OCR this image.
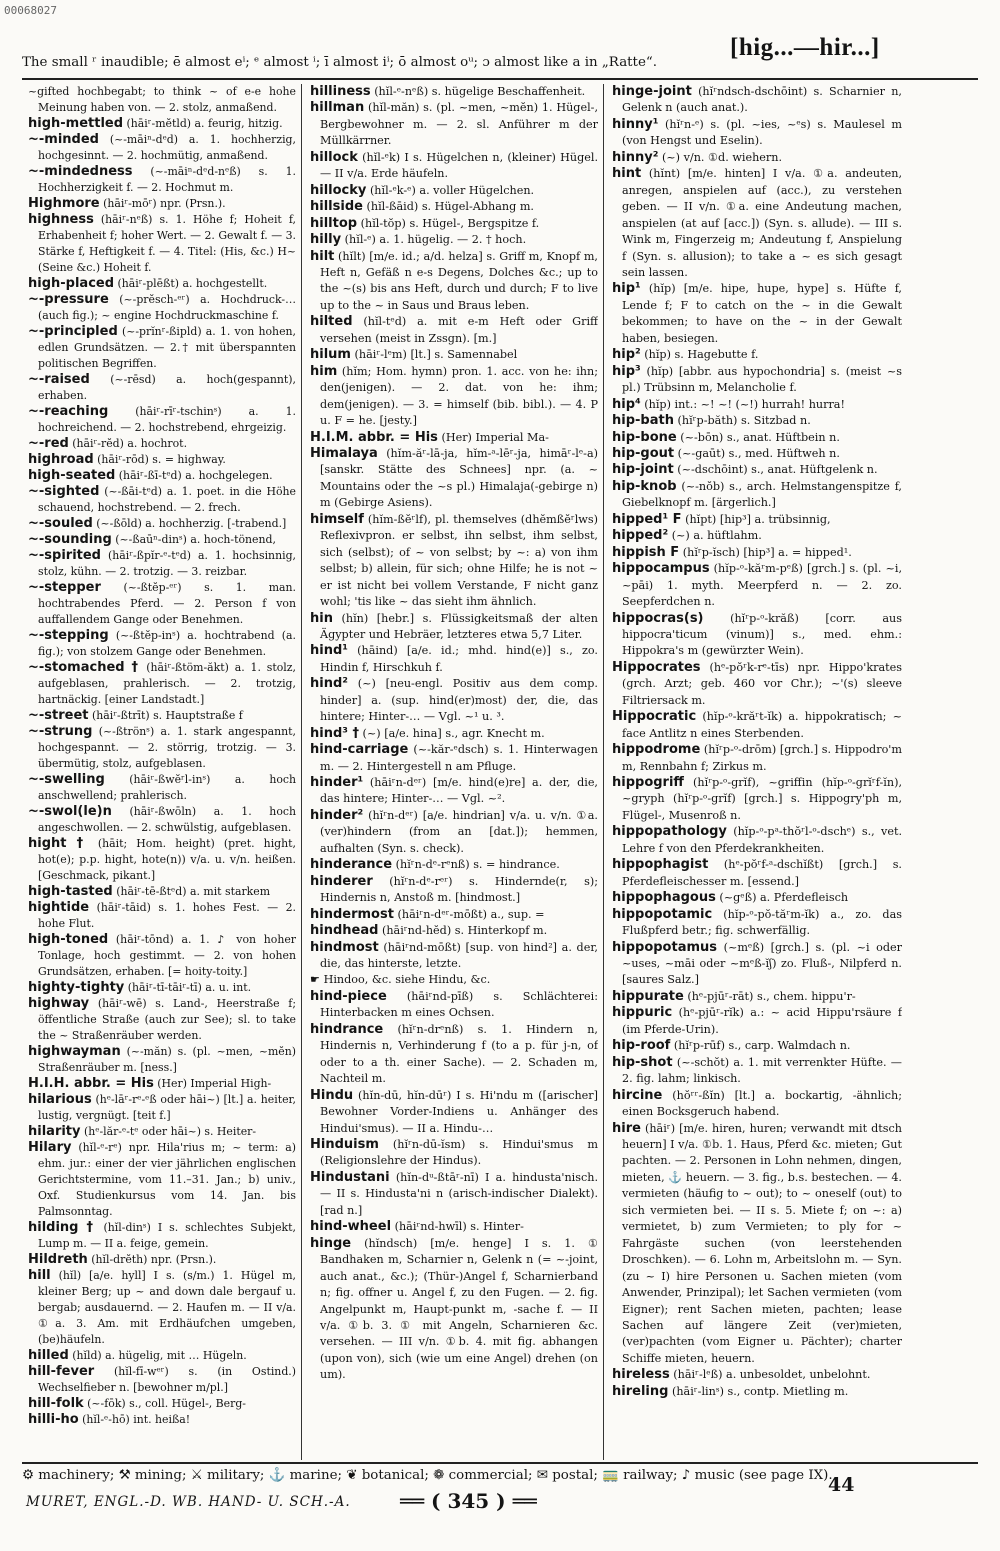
00068027
The small ʳ inaudible; ē almost eⁱ; ᵉ almost ⁱ; ī almost iⁱ; ō almost oᵘ; ɔ almost like a in „Ratte“.
[hig...—hir...]

~gifted hochbegabt; to think ~ of e-e hohe Meinung haben von. — 2. stolz, anmaßend.

high-mettled (hāiʳ-mĕtld) a. feurig, hitzig.

~-minded (~-māiⁿ-dᵉd) a. 1. hochherzig, hochgesinnt. — 2. hochmütig, anmaßend.

~-mindedness (~-māiⁿ-dᵉd-nᵉß) s. 1. Hochherzigkeit f. — 2. Hochmut m.

Highmore (hāiʳ-mōʳ) npr. (Prsn.).

highness (hāiʳ-nᵉß) s. 1. Höhe f; Hoheit f, Erhabenheit f; hoher Wert. — 2. Gewalt f. — 3. Stärke f, Heftigkeit f. — 4. Titel: (His, &c.) H~ (Seine &c.) Hoheit f.

high-placed (hāiʳ-plēßt) a. hochgestellt.

~-pressure (~-prĕsch-ᵉʳ) a. Hochdruck-… (auch fig.); ~ engine Hochdruckmaschine f.

~-principled (~-prĭnʳ-ßipld) a. 1. von hohen, edlen Grundsätzen. — 2.† mit überspannten politischen Begriffen.

~-raised (~-rēsd) a. hoch(gespannt), erhaben.

~-reaching (hāiʳ-rīʳ-tschinˢ) a. 1. hochreichend. — 2. hochstrebend, ehrgeizig.

~-red (hāiʳ-rĕd) a. hochrot.

highroad (hāiʳ-rōd) s. = highway.

high-seated (hāiʳ-ßī-tᵉd) a. hochgelegen.

~-sighted (~-ßāi-tᵉd) a. 1. poet. in die Höhe schauend, hochstrebend. — 2. frech.

~-souled (~-ßōld) a. hochherzig. [-trabend.]

~-sounding (~-ßaūⁿ-dinˢ) a. hoch-tönend,

~-spirited (hāiʳ-ßpĭr-ᵉ-tᵉd) a. 1. hochsinnig, stolz, kühn. — 2. trotzig. — 3. reizbar.

~-stepper (~-ßtĕp-ᵉʳ) s. 1. man. hochtrabendes Pferd. — 2. Person f von auffallendem Gange oder Benehmen.

~-stepping (~-ßtĕp-inˢ) a. hochtrabend (a. fig.); von stolzem Gange oder Benehmen.

~-stomached † (hāiʳ-ßtöm-ăkt) a. 1. stolz, aufgeblasen, prahlerisch. — 2. trotzig, hartnäckig. [einer Landstadt.]

~-street (hāiʳ-ßtrīt) s. Hauptstraße f

~-strung (~-ßtrönˢ) a. 1. stark angespannt, hochgespannt. — 2. störrig, trotzig. — 3. übermütig, stolz, aufgeblasen.

~-swelling (hāiʳ-ßwĕʳl-inˢ) a. hoch anschwellend; prahlerisch.

~-swol(le)n (hāiʳ-ßwōln) a. 1. hoch angeschwollen. — 2. schwülstig, aufgeblasen.

hight † (hāit; Hom. height) (pret. hight, hot(e); p.p. hight, hote(n)) v/a. u. v/n. heißen. [Geschmack, pikant.]

high-tasted (hāiʳ-tē-ßtᵉd) a. mit starkem

hightide (hāiʳ-tāid) s. 1. hohes Fest. — 2. hohe Flut.

high-toned (hāiʳ-tōnd) a. 1. ♪ von hoher Tonlage, hoch gestimmt. — 2. von hohen Grundsätzen, erhaben. [= hoity-toity.]

highty-tighty (hāiʳ-tī-tāiʳ-tī) a. u. int.

highway (hāiʳ-wē) s. Land-, Heerstraße f; öffentliche Straße (auch zur See); sl. to take the ~ Straßenräuber werden.

highwayman (~-măn) s. (pl. ~men, ~mĕn) Straßenräuber m. [ness.]

H.I.H. abbr. = His (Her) Imperial High-

hilarious (hᵉ-lāʳ-rᵉ-ᵉß oder hāi~) [lt.] a. heiter, lustig, vergnügt. [teit f.]

hilarity (hᵉ-lăr-ᵉ-tᵉ oder hāi~) s. Heiter-

Hilary (hĭl-ᵉ-rᵉ) npr. Hila'rius m; ~ term: a) ehm. jur.: einer der vier jährlichen englischen Gerichtstermine, vom 11.–31. Jan.; b) univ., Oxf. Studienkursus vom 14. Jan. bis Palmsonntag.

hilding † (hĭl-dinˢ) I s. schlechtes Subjekt, Lump m. — II a. feige, gemein.

Hildreth (hĭl-drĕth) npr. (Prsn.).

hill (hĭl) [a/e. hyll] I s. (s/m.) 1. Hügel m, kleiner Berg; up ~ and down dale bergauf u. bergab; ausdauernd. — 2. Haufen m. — II v/a. ①a. 3. Am. mit Erdhäufchen umgeben, (be)häufeln.

hilled (hĭld) a. hügelig, mit … Hügeln.

hill-fever (hĭl-fī-wᵉʳ) s. (in Ostind.) Wechselfieber n. [bewohner m/pl.]

hill-folk (~-fōk) s., coll. Hügel-, Berg-

hilli-ho (hĭl-ᵉ-hō) int. heißa!

hilliness (hĭl-ᵉ-nᵉß) s. hügelige Beschaffenheit.

hillman (hĭl-măn) s. (pl. ~men, ~mĕn) 1. Hügel-, Bergbewohner m. — 2. sl. Anführer m der Müllkärrner.

hillock (hĭl-ᵉk) I s. Hügelchen n, (kleiner) Hügel. — II v/a. Erde häufeln.

hillocky (hĭl-ᵉk-ᵉ) a. voller Hügelchen.

hillside (hĭl-ßāid) s. Hügel-Abhang m.

hilltop (hĭl-tŏp) s. Hügel-, Bergspitze f.

hilly (hĭl-ᵉ) a. 1. hügelig. — 2. † hoch.

hilt (hĭlt) [m/e. id.; a/d. helza] s. Griff m, Knopf m, Heft n, Gefäß n e-s Degens, Dolches &c.; up to the ~(s) bis ans Heft, durch und durch; F to live up to the ~ in Saus und Braus leben.

hilted (hĭl-tᵉd) a. mit e-m Heft oder Griff versehen (meist in Zssgn). [m.]

hilum (hāiʳ-lᵉm) [lt.] s. Samennabel

him (hĭm; Hom. hymn) pron. 1. acc. von he: ihn; den(jenigen). — 2. dat. von he: ihm; dem(jenigen). — 3. = himself (bib. bibl.). — 4. P u. F = he. [jesty.]

H.I.M. abbr. = His (Her) Imperial Ma-

Himalaya (hĭm-ăʳ-lā-ja, hĭm-ᵃ-lēʳ-ja, himāʳ-lᵉ-a) [sanskr. Stätte des Schnees] npr. (a. ~ Mountains oder the ~s pl.) Himalaja(-gebirge n) m (Gebirge Asiens).

himself (hĭm-ßĕʳlf), pl. themselves (dhĕmßĕʳlws) Reflexivpron. er selbst, ihn selbst, ihm selbst, sich (selbst); of ~ von selbst; by ~: a) von ihm selbst; b) allein, für sich; ohne Hilfe; he is not ~ er ist nicht bei vollem Verstande, F nicht ganz wohl; 'tis like ~ das sieht ihm ähnlich.

hin (hĭn) [hebr.] s. Flüssigkeitsmaß der alten Ägypter und Hebräer, letzteres etwa 5,7 Liter.

hind¹ (hāind) [a/e. id.; mhd. hind(e)] s., zo. Hindin f, Hirschkuh f.

hind² (~) [neu-engl. Positiv aus dem comp. hinder] a. (sup. hind(er)most) der, die, das hintere; Hinter-… — Vgl. ~¹ u. ³.

hind³ † (~) [a/e. hina] s., agr. Knecht m.

hind-carriage (~-kăr-ᵉdsch) s. 1. Hinterwagen m. — 2. Hintergestell n am Pfluge.

hinder¹ (hāiʳn-dᵉʳ) [m/e. hind(e)re] a. der, die, das hintere; Hinter-… — Vgl. ~².

hinder² (hĭʳn-dᵉʳ) [a/e. hindrian] v/a. u. v/n. ①a. (ver)hindern (from an [dat.]); hemmen, aufhalten (Syn. s. check).

hinderance (hĭʳn-dᵉ-rᵉnß) s. = hindrance.

hinderer (hĭʳn-dᵉ-rᵉʳ) s. Hindernde(r, s); Hindernis n, Anstoß m. [hindmost.]

hindermost (hāiʳn-dᵉʳ-mōßt) a., sup. =

hindhead (hāiʳnd-hĕd) s. Hinterkopf m.

hindmost (hāiʳnd-mōßt) [sup. von hind²] a. der, die, das hinterste, letzte.

☛ Hindoo, &c. siehe Hindu, &c.

hind-piece (hāiʳnd-pīß) s. Schlächterei: Hinterbacken m eines Ochsen.

hindrance (hĭʳn-drᵉnß) s. 1. Hindern n, Hindernis n, Verhinderung f (to a p. für j-n, of oder to a th. einer Sache). — 2. Schaden m, Nachteil m.

Hindu (hĭn-dū, hĭn-dūʳ) I s. Hi'ndu m ([arischer] Bewohner Vorder-Indiens u. Anhänger des Hindui'smus). — II a. Hindu-…

Hinduism (hĭʳn-dū-ĭsm) s. Hindui'smus m (Religionslehre der Hindus).

Hindustani (hĭn-dᵘ-ßtāʳ-nī) I a. hindusta'nisch. — II s. Hindusta'ni n (arisch-indischer Dialekt). [rad n.]

hind-wheel (hāiʳnd-hwīl) s. Hinter-

hinge (hĭndsch) [m/e. henge] I s. 1. ① Bandhaken m, Scharnier n, Gelenk n (= ~-joint, auch anat., &c.); (Thür-)Angel f, Scharnierband n; fig. offner u. Angel f, zu den Fugen. — 2. fig. Angelpunkt m, Haupt-punkt m, -sache f. — II v/a. ①b. 3. ① mit Angeln, Scharnieren &c. versehen. — III v/n. ①b. 4. mit fig. abhangen (upon von), sich (wie um eine Angel) drehen (on um).

hinge-joint (hĭʳndsch-dschōint) s. Scharnier n, Gelenk n (auch anat.).

hinny¹ (hĭʳn-ᵉ) s. (pl. ~ies, ~ᵉs) s. Maulesel m (von Hengst und Eselin).

hinny² (~) v/n. ①d. wiehern.

hint (hĭnt) [m/e. hinten] I v/a. ①a. andeuten, anregen, anspielen auf (acc.), zu verstehen geben. — II v/n. ①a. eine Andeutung machen, anspielen (at auf [acc.]) (Syn. s. allude). — III s. Wink m, Fingerzeig m; Andeutung f, Anspielung f (Syn. s. allusion); to take a ~ es sich gesagt sein lassen.

hip¹ (hĭp) [m/e. hipe, hupe, hype] s. Hüfte f, Lende f; F to catch on the ~ in die Gewalt bekommen; to have on the ~ in der Gewalt haben, besiegen.

hip² (hĭp) s. Hagebutte f.

hip³ (hĭp) [abbr. aus hypochondria] s. (meist ~s pl.) Trübsinn m, Melancholie f.

hip⁴ (hĭp) int.: ~! ~! (~!) hurrah! hurra!

hip-bath (hĭʳp-băth) s. Sitzbad n.

hip-bone (~-bōn) s., anat. Hüftbein n.

hip-gout (~-gaūt) s., med. Hüftweh n.

hip-joint (~-dschōint) s., anat. Hüftgelenk n.

hip-knob (~-nŏb) s., arch. Helmstangenspitze f, Giebelknopf m. [ärgerlich.]

hipped¹ F (hĭpt) [hip³] a. trübsinnig,

hipped² (~) a. hüftlahm.

hippish F (hĭʳp-ĭsch) [hip³] a. = hipped¹.

hippocampus (hĭp-ᵒ-kăʳm-pᵉß) [grch.] s. (pl. ~i, ~pāi) 1. myth. Meerpferd n. — 2. zo. Seepferdchen n.

hippocras(s) (hĭʳp-ᵒ-krăß) [corr. aus hippocra'ticum (vinum)] s., med. ehm.: Hippokra's m (gewürzter Wein).

Hippocrates (hᵉ-pŏʳk-rᵉ-tīs) npr. Hippo'krates (grch. Arzt; geb. 460 vor Chr.); ~'(s) sleeve Filtriersack m.

Hippocratic (hĭp-ᵒ-krăʳt-ĭk) a. hippokratisch; ~ face Antlitz n eines Sterbenden.

hippodrome (hĭʳp-ᵒ-drōm) [grch.] s. Hippodro'm m, Rennbahn f; Zirkus m.

hippogriff (hĭʳp-ᵒ-grĭf), ~griffin (hĭp-ᵒ-grĭʳf-ĭn), ~gryph (hĭʳp-ᵒ-grĭf) [grch.] s. Hippogry'ph m, Flügel-, Musenroß n.

hippopathology (hĭp-ᵒ-pᵃ-thŏʳl-ᵒ-dschᵉ) s., vet. Lehre f von den Pferdekrankheiten.

hippophagist (hᵉ-pŏʳf-ᵃ-dschĭßt) [grch.] s. Pferdefleischesser m. [essend.]

hippophagous (~gᵉß) a. Pferdefleisch

hippopotamic (hĭp-ᵒ-pŏ-tăʳm-ĭk) a., zo. das Flußpferd betr.; fig. schwerfällig.

hippopotamus (~mᵉß) [grch.] s. (pl. ~i oder ~uses, ~māi oder ~mᵉß-ĭʃ) zo. Fluß-, Nilpferd n. [saures Salz.]

hippurate (hᵉ-pjūʳ-rāt) s., chem. hippu'r-

hippuric (hᵉ-pjūʳ-rĭk) a.: ~ acid Hippu'rsäure f (im Pferde-Urin).

hip-roof (hĭʳp-rūf) s., carp. Walmdach n.

hip-shot (~-schŏt) a. 1. mit verrenkter Hüfte. — 2. fig. lahm; linkisch.

hircine (hŏʳʳ-ßĭn) [lt.] a. bockartig, -ähnlich; einen Bocksgeruch habend.

hire (hāiʳ) [m/e. hiren, huren; verwandt mit dtsch heuern] I v/a. ①b. 1. Haus, Pferd &c. mieten; Gut pachten. — 2. Personen in Lohn nehmen, dingen, mieten, ⚓ heuern. — 3. fig., b.s. bestechen. — 4. vermieten (häufig to ~ out); to ~ oneself (out) to sich vermieten bei. — II s. 5. Miete f; on ~: a) vermietet, b) zum Vermieten; to ply for ~ Fahrgäste suchen (von leerstehenden Droschken). — 6. Lohn m, Arbeitslohn m. — Syn. (zu ~ I) hire Personen u. Sachen mieten (vom Anwender, Prinzipal); let Sachen vermieten (vom Eigner); rent Sachen mieten, pachten; lease Sachen auf längere Zeit (ver)mieten, (ver)pachten (vom Eigner u. Pächter); charter Schiffe mieten, heuern.

hireless (hāiʳ-lᵉß) a. unbesoldet, unbelohnt.

hireling (hāiʳ-linˢ) s., contp. Mietling m.

⚙ machinery; ⚒ mining; ⚔ military; ⚓ marine; ❦ botanical; ❁ commercial; ✉ postal; 🚃 railway; ♪ music (see page IX).
MURET, ENGL.-D. WB. HAND- U. SCH.-A. ══ ( 345 ) ══
44
